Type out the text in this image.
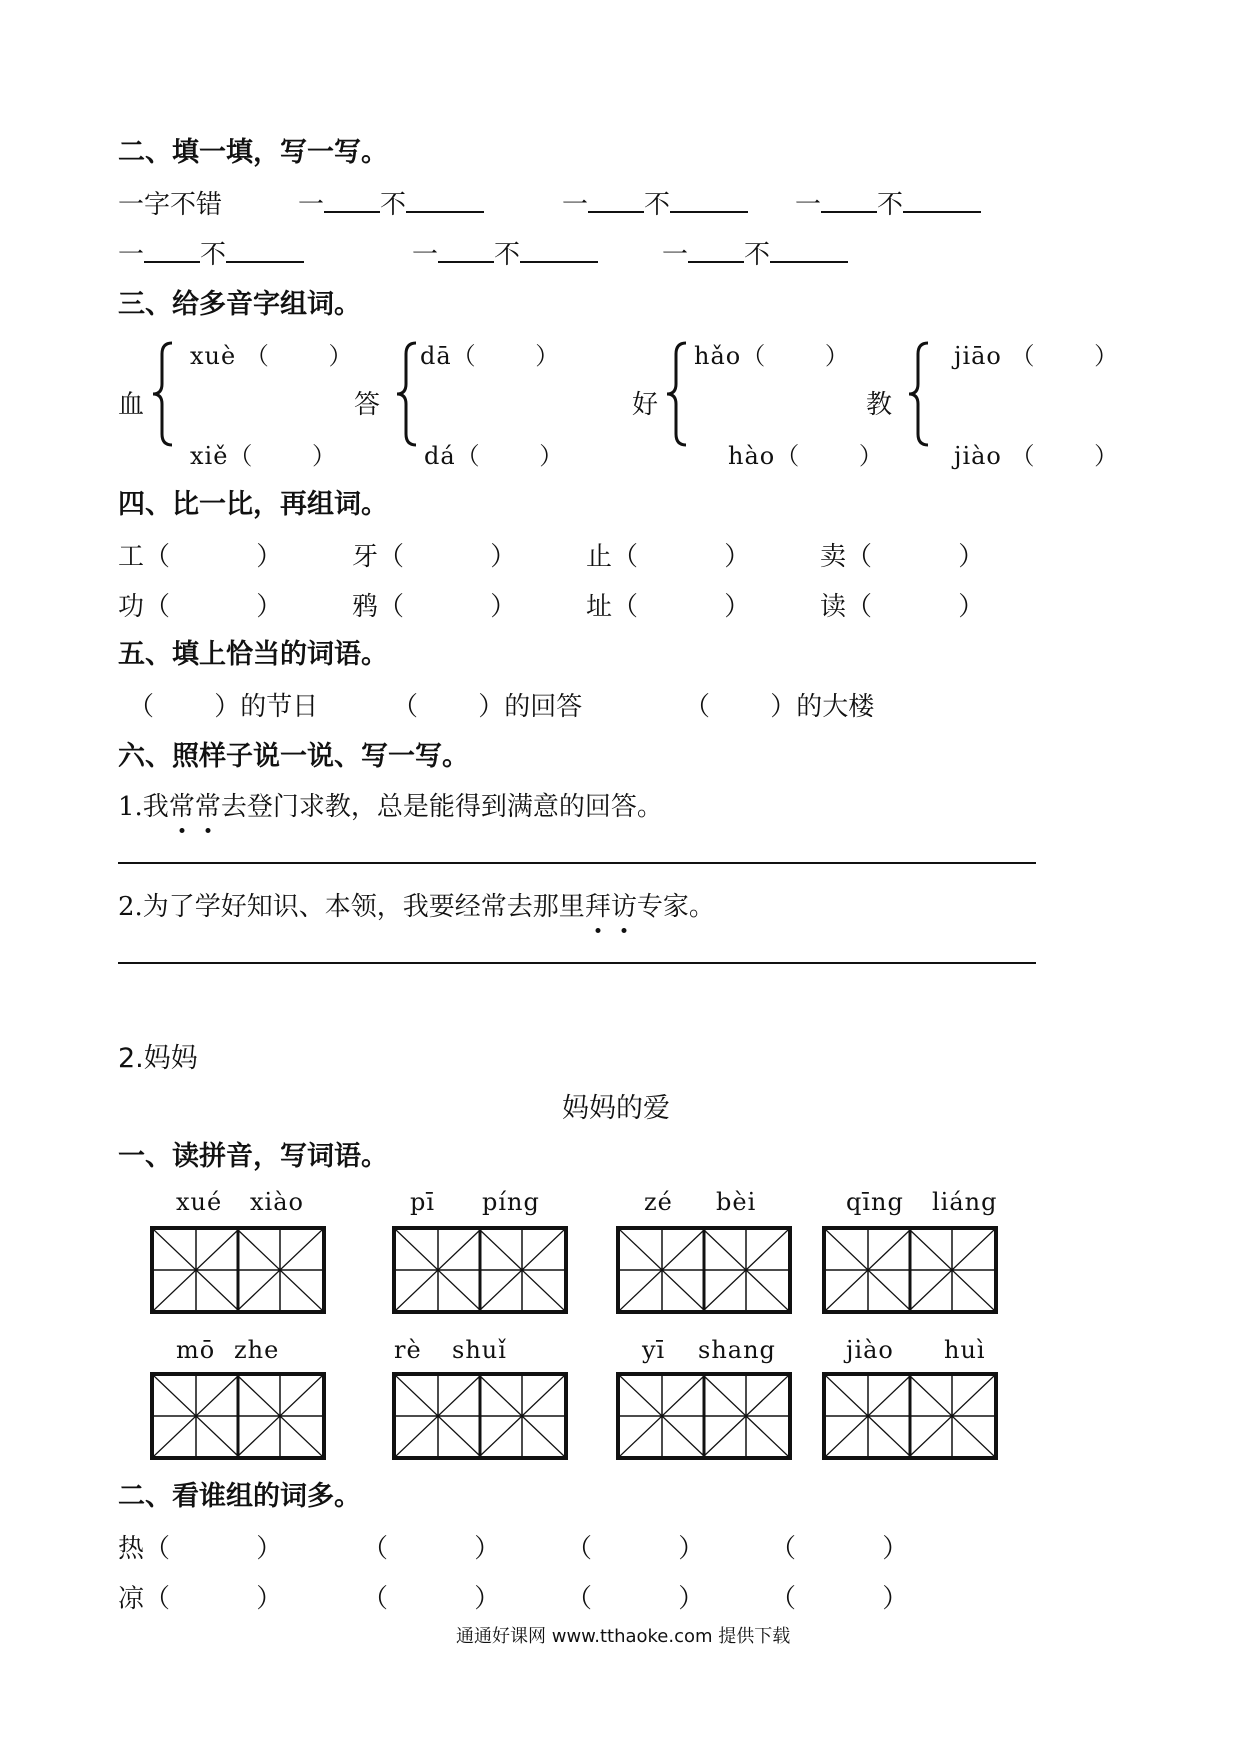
二、填一填，写一写。
一字不错	一 不	一 不	一 不
一 不	一 不	一 不
三、给多音字组词。
血
xuè （　　 ）
xiě（　　 ）
答
dā（　　 ）
dá（　　 ）
好
hǎo（　　 ）
hào（　　 ）
教
jiāo （　　 ）
jiào （　　 ）
四、比一比，再组词。
工（　　　 ）	牙（　　　 ）	止（　　　 ）	卖（　　　 ）
功（　　　 ）	鸦（　　　 ）	址（　　　 ）	读（　　　 ）
五、填上恰当的词语。
（　　 ）的节日	（　　 ）的回答	（　　 ）的大楼
六、照样子说一说、写一写。
1.我常常去登门求教，总是能得到满意的回答。
2.为了学好知识、本领，我要经常去那里拜访专家。
2.妈妈
妈妈的爱
一、读拼音，写词语。
xué xiào	pī píng	zé bèi	qīng liáng
mō zhe	rè shuǐ	yī shang	jiào huì
二、看谁组的词多。
热（　　　 ）	（　　　 ）	（　　　 ）	（　　　 ）
凉（　　　 ）	（　　　 ）	（　　　 ）	（　　　 ）
通通好课网 www.tthaoke.com 提供下载
